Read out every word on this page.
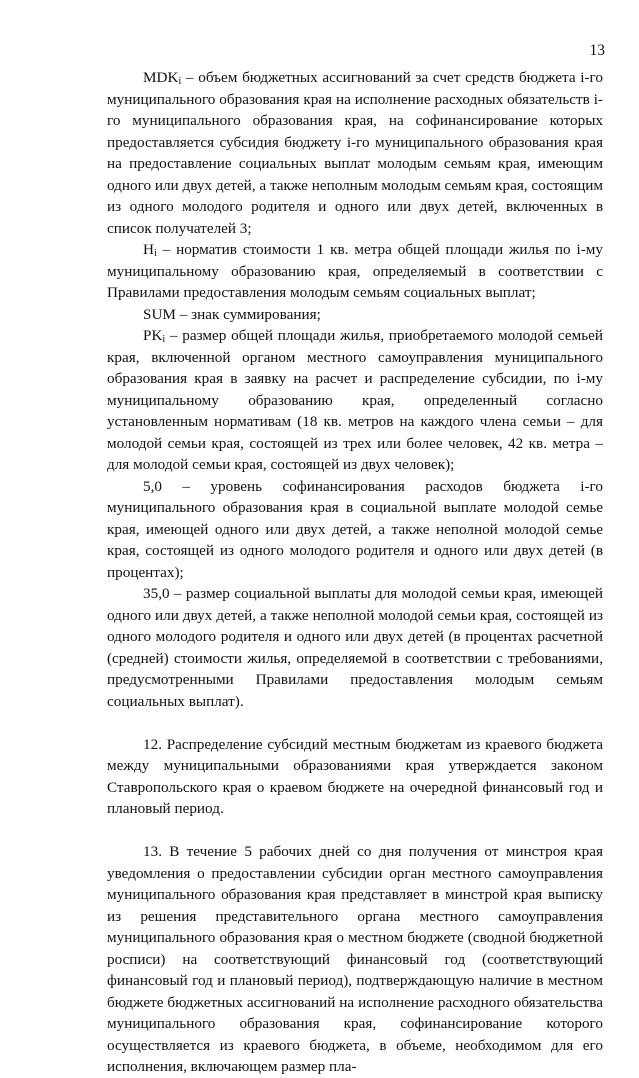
13

$MDK_i$ – объем бюджетных ассигнований за счет средств бюджета i-го муниципального образования края на исполнение расходных обязательств i-го муниципального образования края, на софинансирование которых предоставляется субсидия бюджету i-го муниципального образования края на предоставление социальных выплат молодым семьям края, имеющим одного или двух детей, а также неполным молодым семьям края, состоящим из одного молодого родителя и одного или двух детей, включенных в список получателей 3;

$Н_i$ – норматив стоимости 1 кв. метра общей площади жилья по i-му муниципальному образованию края, определяемый в соответствии с Правилами предоставления молодым семьям социальных выплат;

SUM – знак суммирования;

$PK_i$ – размер общей площади жилья, приобретаемого молодой семьей края, включенной органом местного самоуправления муниципального образования края в заявку на расчет и распределение субсидии, по i-му муниципальному образованию края, определенный согласно установленным нормативам (18 кв. метров на каждого члена семьи – для молодой семьи края, состоящей из трех или более человек, 42 кв. метра – для молодой семьи края, состоящей из двух человек);

5,0 – уровень софинансирования расходов бюджета i-го муниципального образования края в социальной выплате молодой семье края, имеющей одного или двух детей, а также неполной молодой семье края, состоящей из одного молодого родителя и одного или двух детей (в процентах);

35,0 – размер социальной выплаты для молодой семьи края, имеющей одного или двух детей, а также неполной молодой семьи края, состоящей из одного молодого родителя и одного или двух детей (в процентах расчетной (средней) стоимости жилья, определяемой в соответствии с требованиями, предусмотренными Правилами предоставления молодым семьям социальных выплат).

12. Распределение субсидий местным бюджетам из краевого бюджета между муниципальными образованиями края утверждается законом Ставропольского края о краевом бюджете на очередной финансовый год и плановый период.

13. В течение 5 рабочих дней со дня получения от минстроя края уведомления о предоставлении субсидии орган местного самоуправления муниципального образования края представляет в минстрой края выписку из решения представительного органа местного самоуправления муниципального образования края о местном бюджете (сводной бюджетной росписи) на соответствующий финансовый год (соответствующий финансовый год и плановый период), подтверждающую наличие в местном бюджете бюджетных ассигнований на исполнение расходного обязательства муниципального образования края, софинансирование которого осуществляется из краевого бюджета, в объеме, необходимом для его исполнения, включающем размер пла-
